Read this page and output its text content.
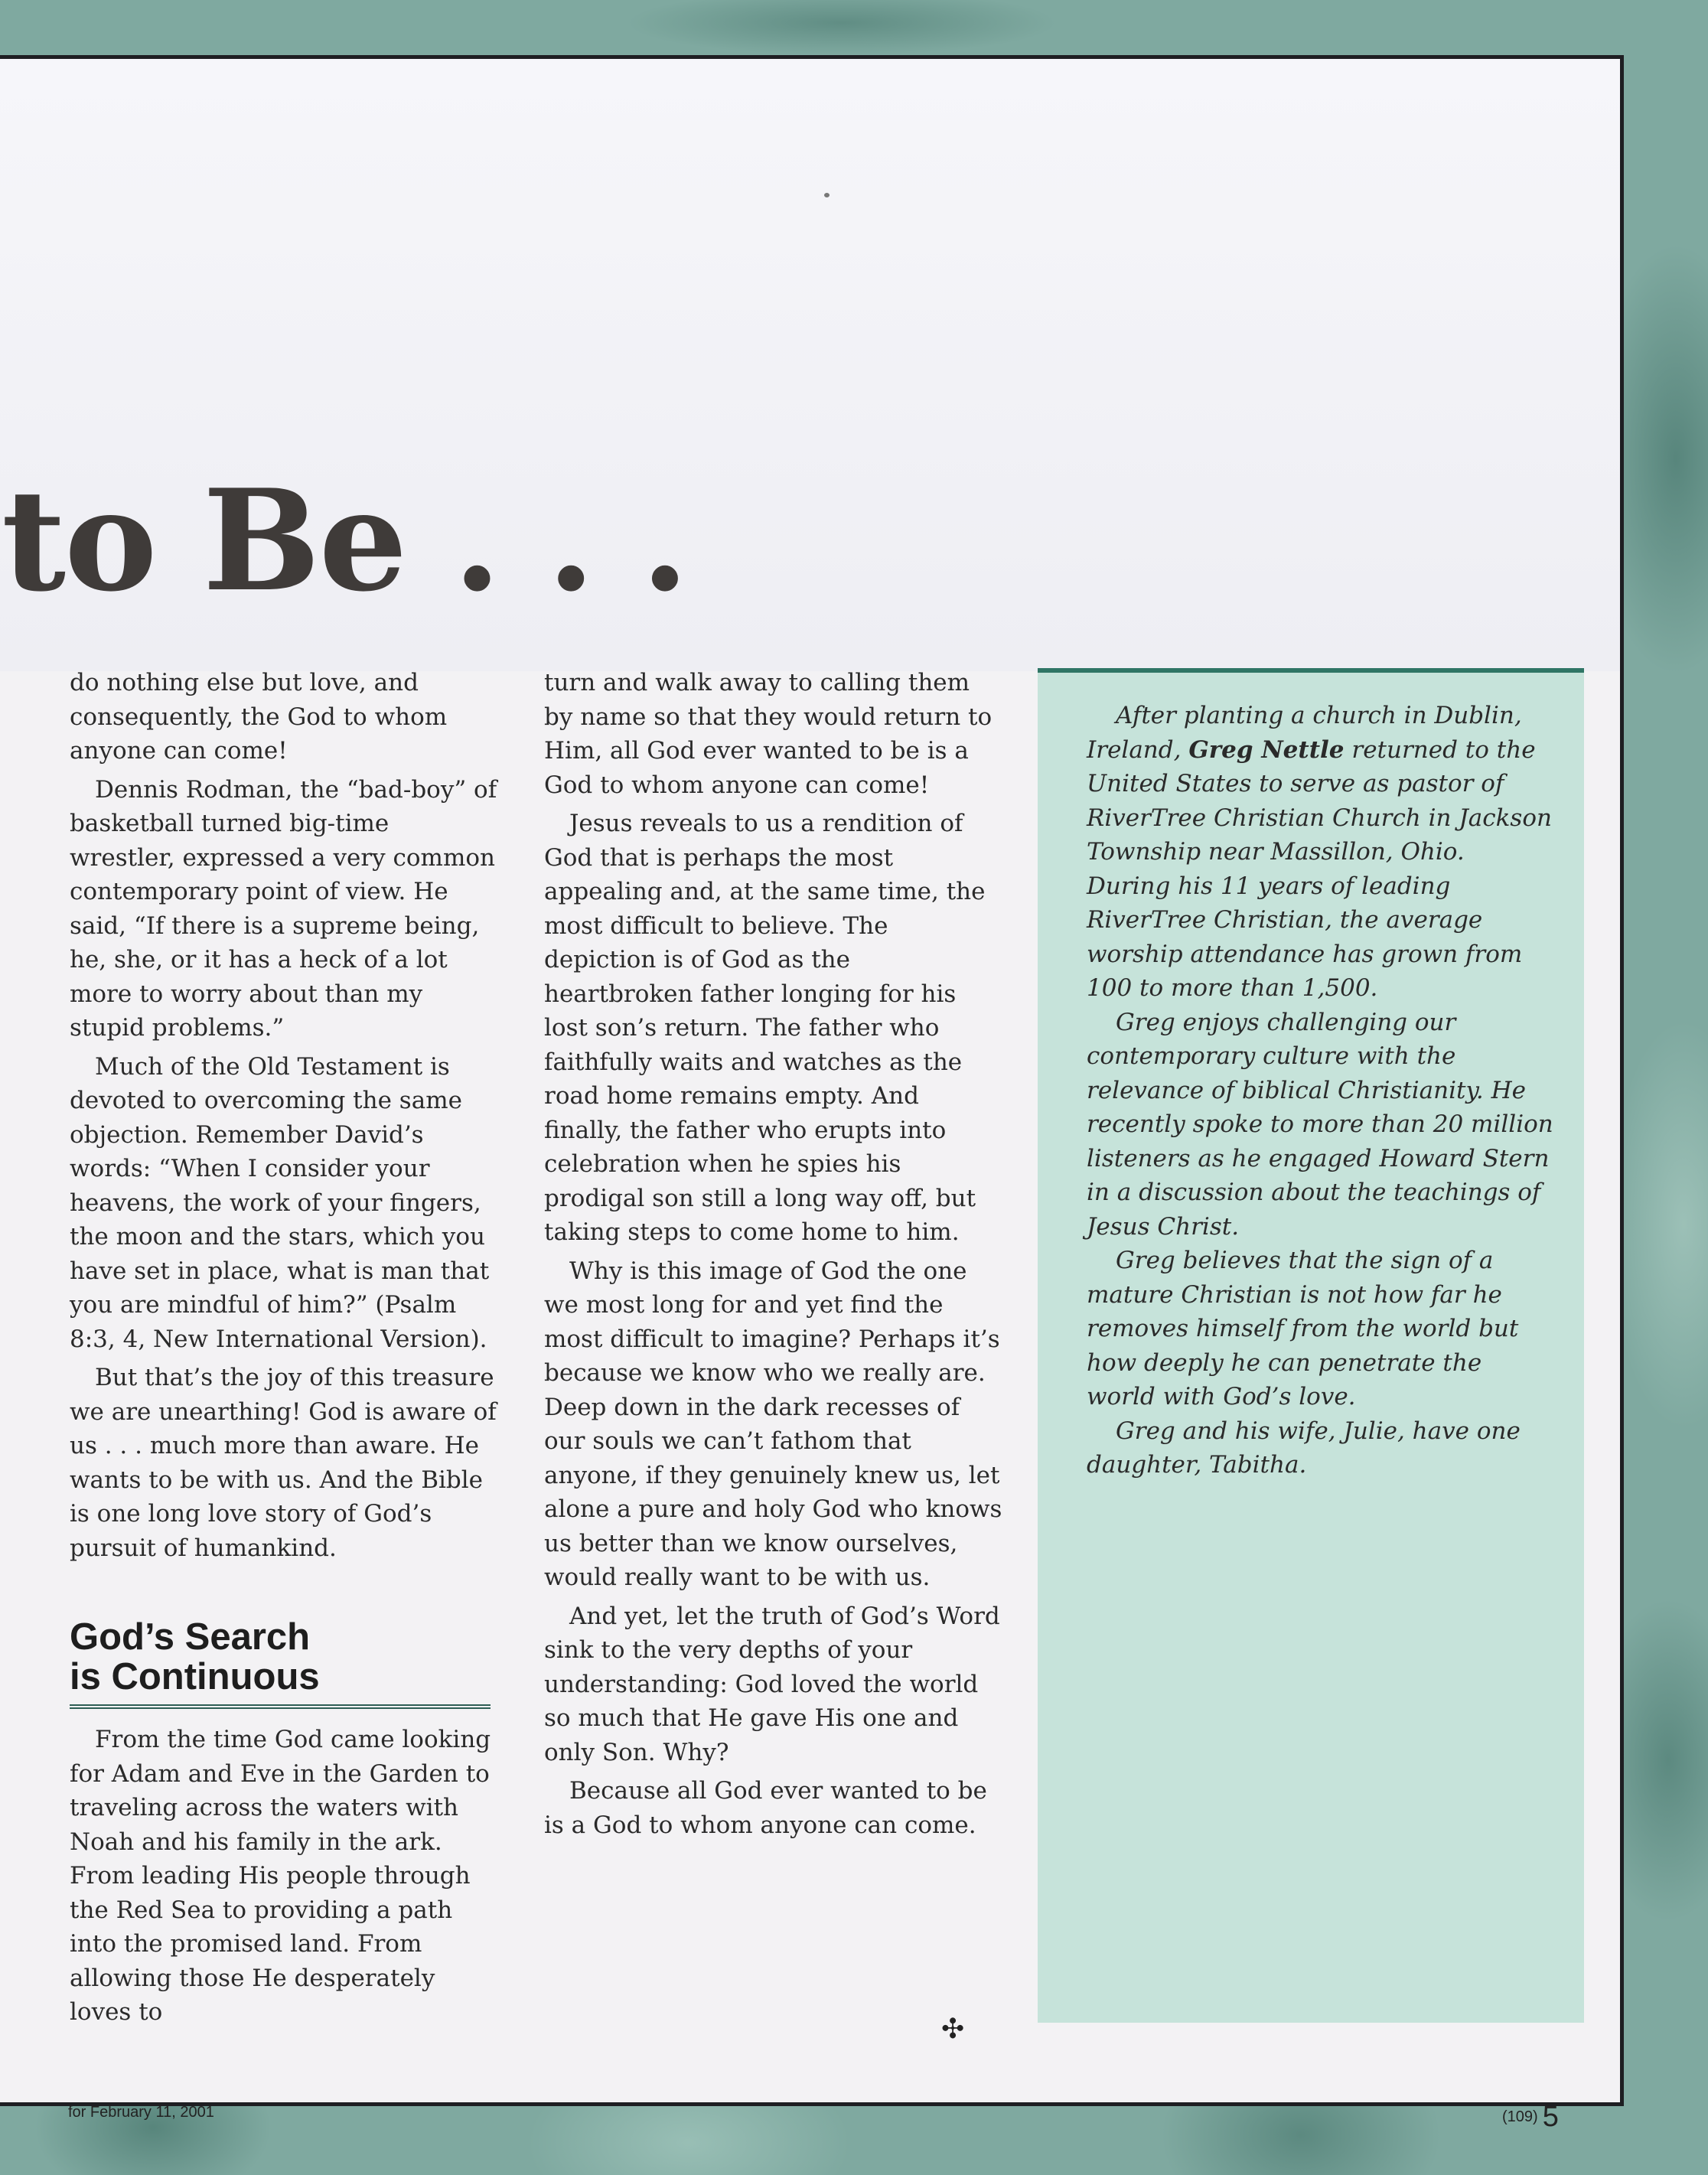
to Be . . .

do nothing else but love, and consequently, the God to whom anyone can come!

Dennis Rodman, the “bad-boy” of basketball turned big-time wrestler, expressed a very common contemporary point of view. He said, “If there is a supreme being, he, she, or it has a heck of a lot more to worry about than my stupid problems.”

Much of the Old Testament is devoted to overcoming the same objection. Remember David’s words: “When I consider your heavens, the work of your fingers, the moon and the stars, which you have set in place, what is man that you are mindful of him?” (Psalm 8:3, 4, New International Version).

But that’s the joy of this treasure we are unearthing! God is aware of us . . . much more than aware. He wants to be with us. And the Bible is one long love story of God’s pursuit of humankind.

God’s Search
is Continuous

From the time God came looking for Adam and Eve in the Garden to traveling across the waters with Noah and his family in the ark. From leading His people through the Red Sea to providing a path into the promised land. From allowing those He desperately loves to

turn and walk away to calling them by name so that they would return to Him, all God ever wanted to be is a God to whom anyone can come!

Jesus reveals to us a rendition of God that is perhaps the most appealing and, at the same time, the most difficult to believe. The depiction is of God as the heartbroken father longing for his lost son’s return. The father who faithfully waits and watches as the road home remains empty. And finally, the father who erupts into celebration when he spies his prodigal son still a long way off, but taking steps to come home to him.

Why is this image of God the one we most long for and yet find the most difficult to imagine? Perhaps it’s because we know who we really are. Deep down in the dark recesses of our souls we can’t fathom that anyone, if they genuinely knew us, let alone a pure and holy God who knows us better than we know ourselves, would really want to be with us.

And yet, let the truth of God’s Word sink to the very depths of your understanding: God loved the world so much that He gave His one and only Son. Why?

Because all God ever wanted to be is a God to whom anyone can come.

✣

After planting a church in Dublin, Ireland, Greg Nettle returned to the United States to serve as pastor of RiverTree Christian Church in Jackson Township near Massillon, Ohio. During his 11 years of leading RiverTree Christian, the average worship attendance has grown from 100 to more than 1,500.

Greg enjoys challenging our contemporary culture with the relevance of biblical Christianity. He recently spoke to more than 20 million listeners as he engaged Howard Stern in a discussion about the teachings of Jesus Christ.

Greg believes that the sign of a mature Christian is not how far he removes himself from the world but how deeply he can penetrate the world with God’s love.

Greg and his wife, Julie, have one daughter, Tabitha.

for February 11, 2001	(109) 5
